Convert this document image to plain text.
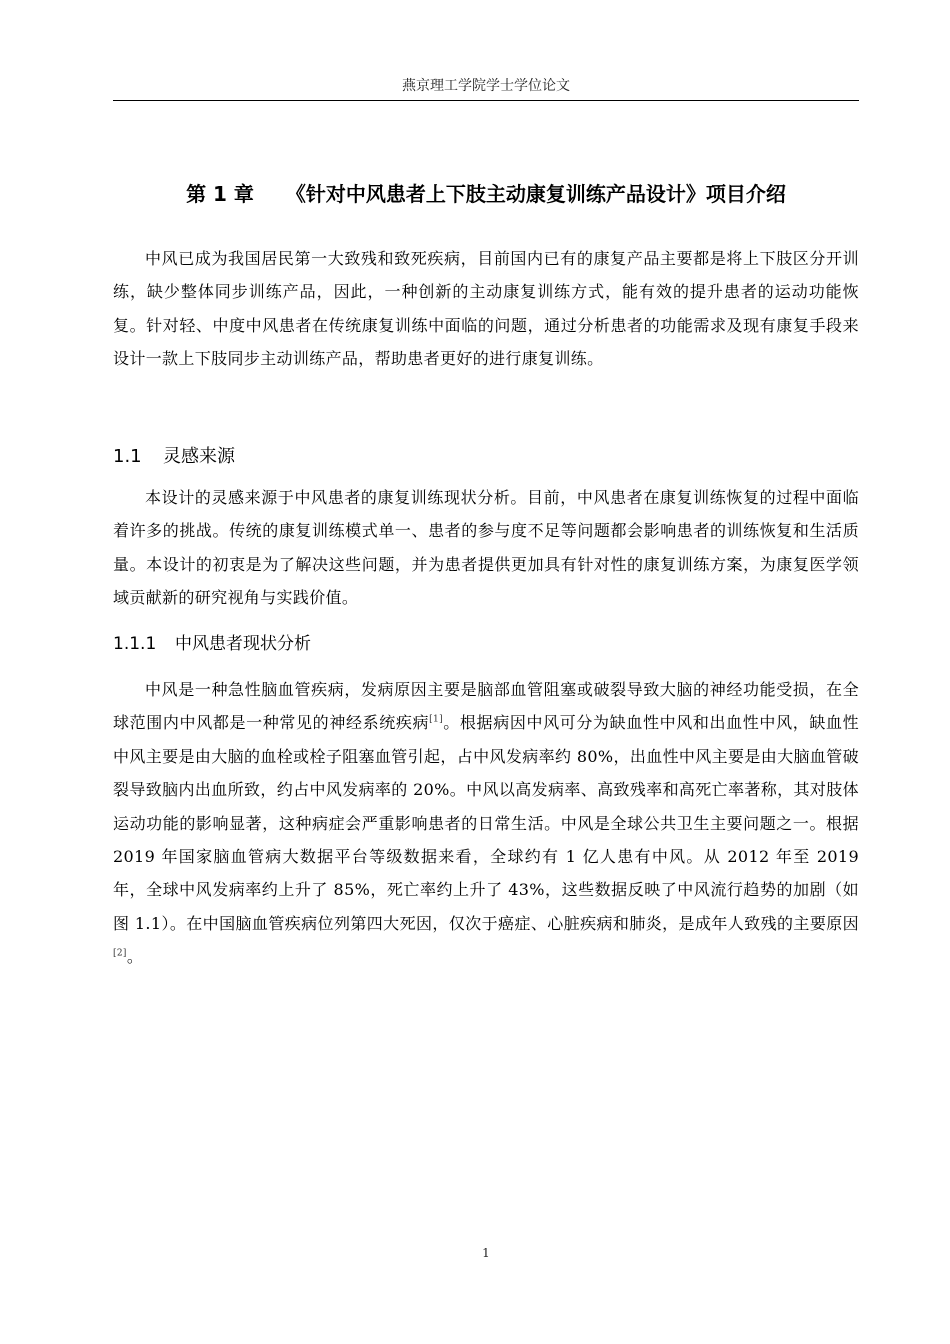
燕京理工学院学士学位论文
第 1 章 《针对中风患者上下肢主动康复训练产品设计》项目介绍

中风已成为我国居民第一大致残和致死疾病，目前国内已有的康复产品主要都是将上下肢区分开训练，缺少整体同步训练产品，因此，一种创新的主动康复训练方式，能有效的提升患者的运动功能恢复。针对轻、中度中风患者在传统康复训练中面临的问题，通过分析患者的功能需求及现有康复手段来设计一款上下肢同步主动训练产品，帮助患者更好的进行康复训练。

1.1 灵感来源

本设计的灵感来源于中风患者的康复训练现状分析。目前，中风患者在康复训练恢复的过程中面临着许多的挑战。传统的康复训练模式单一、患者的参与度不足等问题都会影响患者的训练恢复和生活质量。本设计的初衷是为了解决这些问题，并为患者提供更加具有针对性的康复训练方案，为康复医学领域贡献新的研究视角与实践价值。

1.1.1 中风患者现状分析

中风是一种急性脑血管疾病，发病原因主要是脑部血管阻塞或破裂导致大脑的神经功能受损，在全球范围内中风都是一种常见的神经系统疾病[1]。根据病因中风可分为缺血性中风和出血性中风，缺血性中风主要是由大脑的血栓或栓子阻塞血管引起，占中风发病率约 80%，出血性中风主要是由大脑血管破裂导致脑内出血所致，约占中风发病率的 20%。中风以高发病率、高致残率和高死亡率著称，其对肢体运动功能的影响显著，这种病症会严重影响患者的日常生活。中风是全球公共卫生主要问题之一。根据 2019 年国家脑血管病大数据平台等级数据来看，全球约有 1 亿人患有中风。从 2012 年至 2019 年，全球中风发病率约上升了 85%，死亡率约上升了 43%，这些数据反映了中风流行趋势的加剧（如图 1.1）。在中国脑血管疾病位列第四大死因，仅次于癌症、心脏疾病和肺炎，是成年人致残的主要原因[2]。

1
